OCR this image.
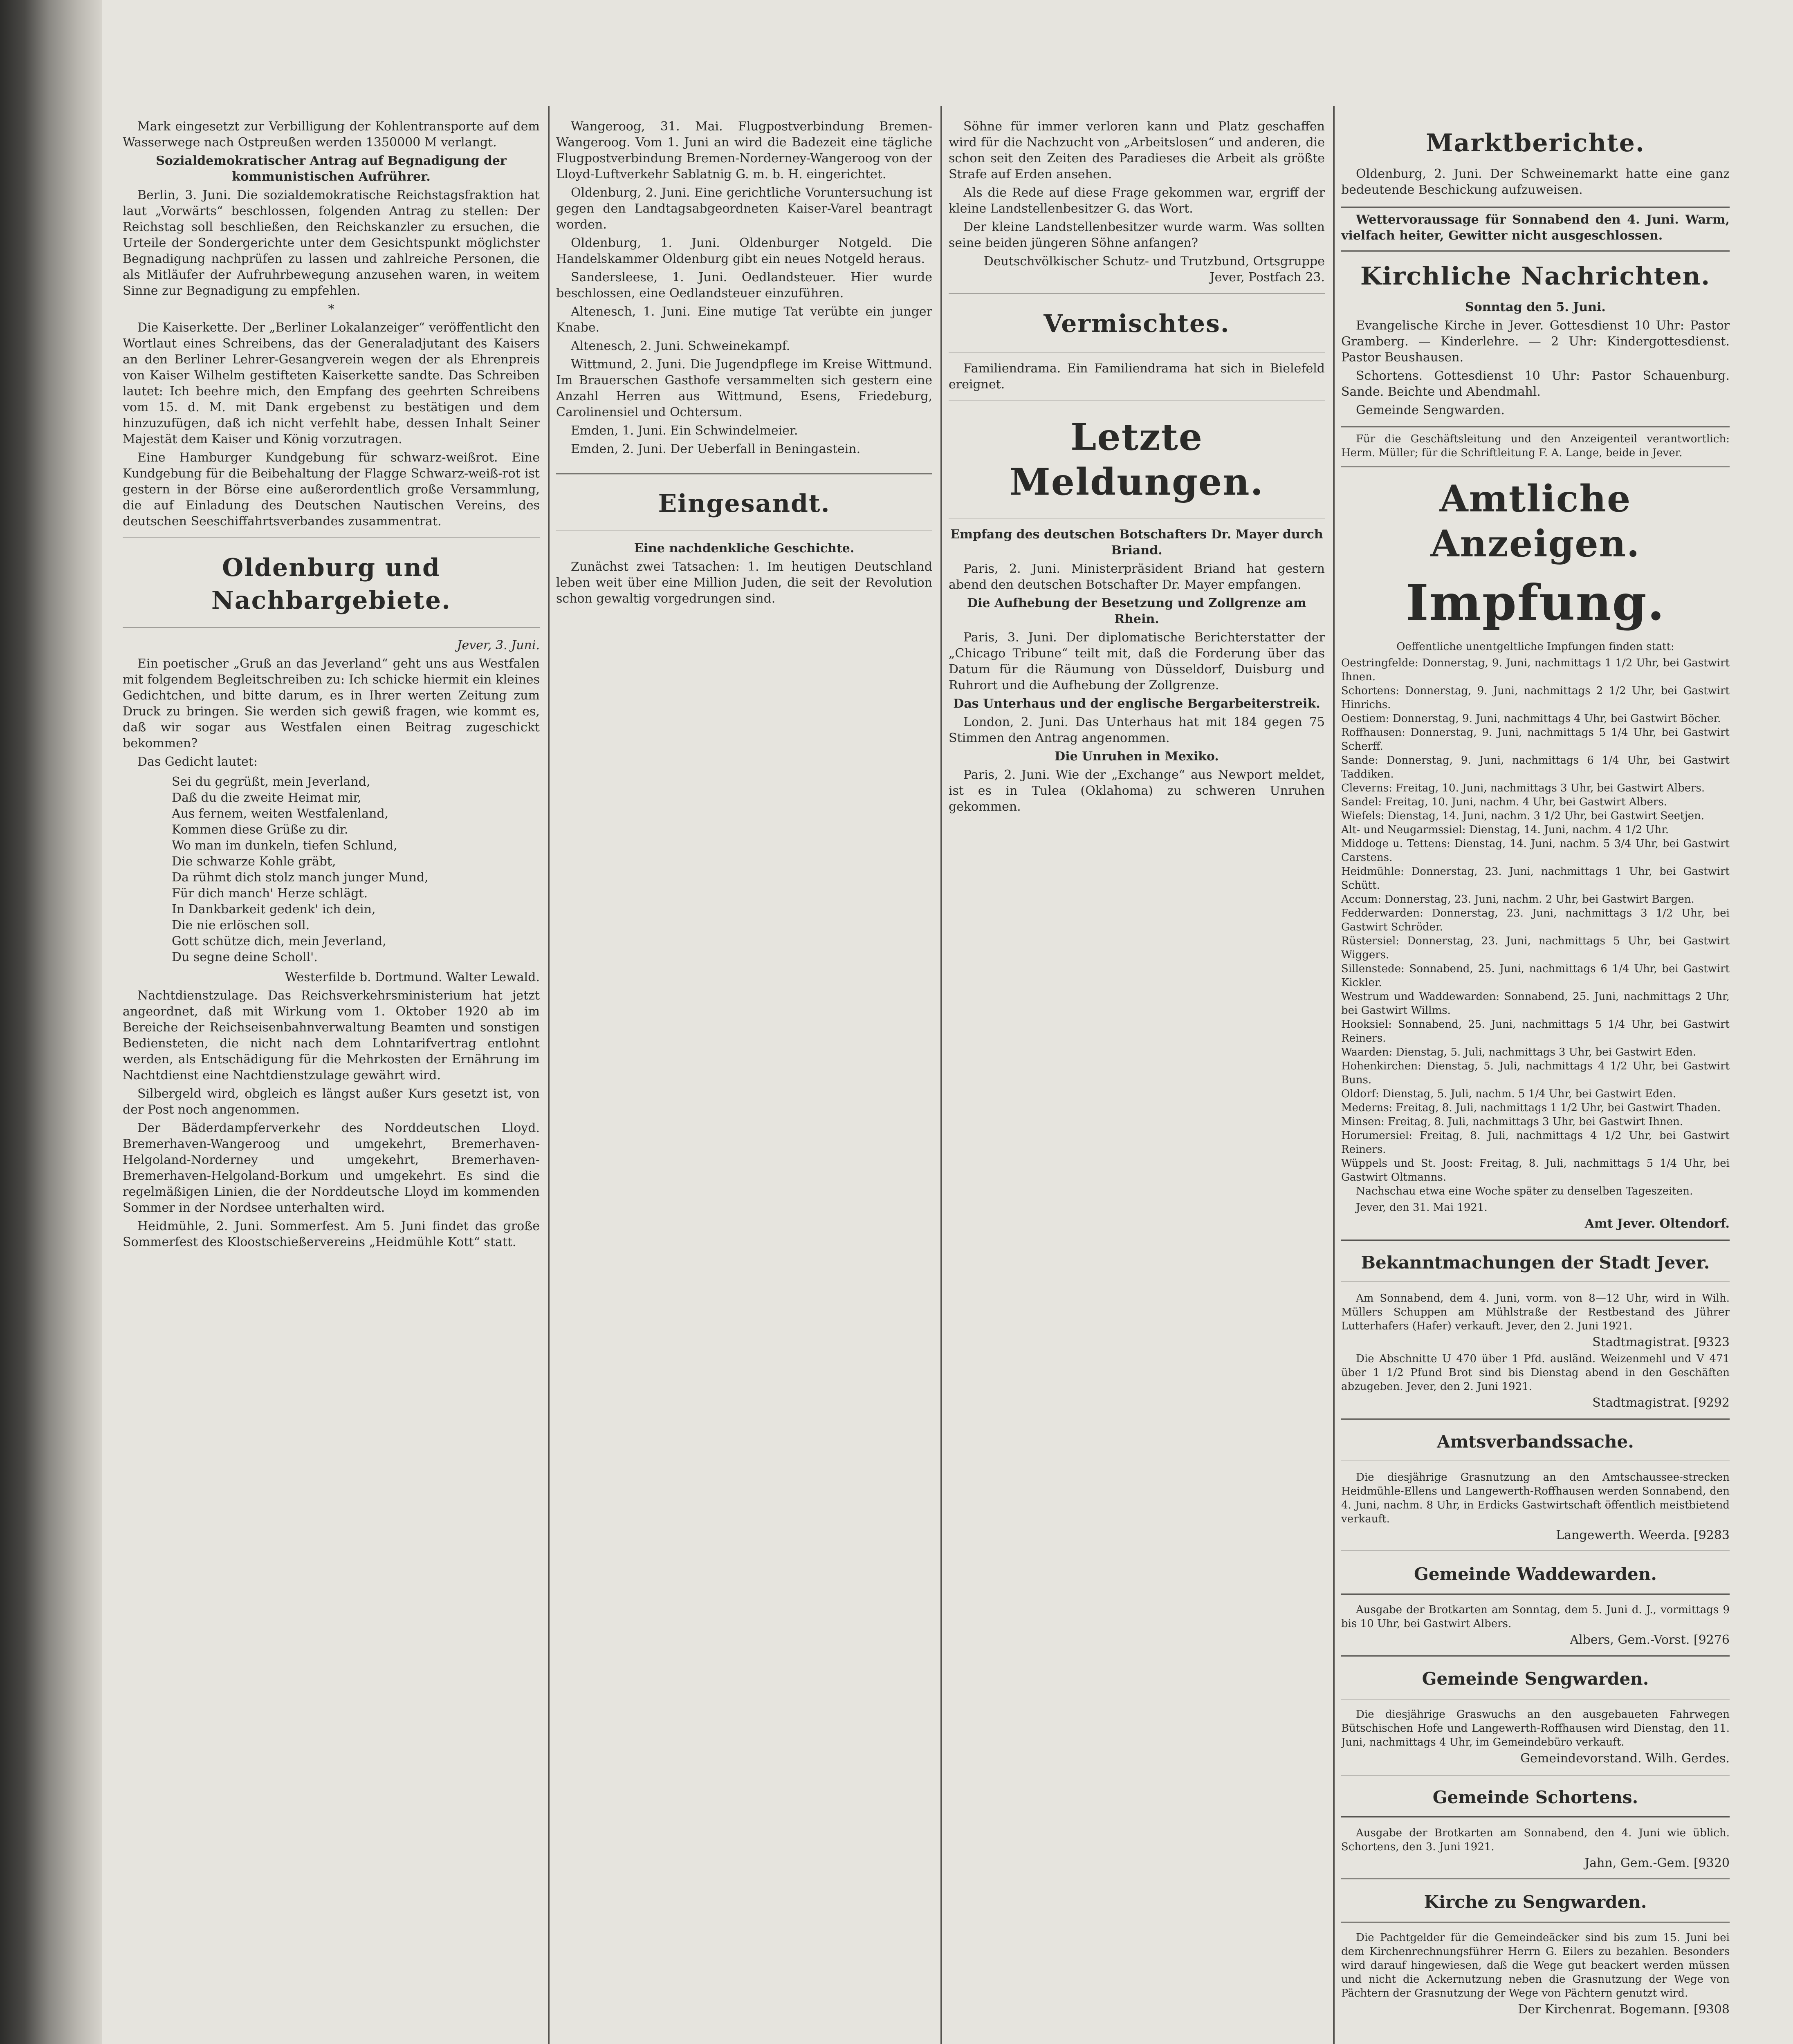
Mark eingesetzt zur Verbilligung der Kohlentransporte auf dem Wasserwege nach Ostpreußen werden 1350000 M verlangt.

Sozialdemokratischer Antrag auf Begnadigung der kommunistischen Aufrührer.

Berlin, 3. Juni. Die sozialdemokratische Reichstagsfraktion hat laut „Vorwärts“ beschlossen, folgenden Antrag zu stellen: Der Reichstag soll beschließen, den Reichskanzler zu ersuchen, die Urteile der Sondergerichte unter dem Gesichtspunkt möglichster Begnadigung nachprüfen zu lassen und zahlreiche Personen, die als Mitläufer der Aufruhrbewegung anzusehen waren, in weitem Sinne zur Begnadigung zu empfehlen.

*

Die Kaiserkette. Der „Berliner Lokalanzeiger“ veröffentlicht den Wortlaut eines Schreibens, das der Generaladjutant des Kaisers an den Berliner Lehrer-Gesangverein wegen der als Ehrenpreis von Kaiser Wilhelm gestifteten Kaiserkette sandte. Das Schreiben lautet: Ich beehre mich, den Empfang des geehrten Schreibens vom 15. d. M. mit Dank ergebenst zu bestätigen und dem hinzuzufügen, daß ich nicht verfehlt habe, dessen Inhalt Seiner Majestät dem Kaiser und König vorzutragen.

Eine Hamburger Kundgebung für schwarz-weißrot. Eine Kundgebung für die Beibehaltung der Flagge Schwarz-weiß-rot ist gestern in der Börse eine außerordentlich große Versammlung, die auf Einladung des Deutschen Nautischen Vereins, des deutschen Seeschiffahrtsverbandes zusammentrat.

Oldenburg und Nachbargebiete.

Jever, 3. Juni.

Ein poetischer „Gruß an das Jeverland“ geht uns aus Westfalen mit folgendem Begleitschreiben zu: Ich schicke hiermit ein kleines Gedichtchen, und bitte darum, es in Ihrer werten Zeitung zum Druck zu bringen. Sie werden sich gewiß fragen, wie kommt es, daß wir sogar aus Westfalen einen Beitrag zugeschickt bekommen?

Das Gedicht lautet:

Sei du gegrüßt, mein Jeverland,
Daß du die zweite Heimat mir,
Aus fernem, weiten Westfalenland,
Kommen diese Grüße zu dir.
Wo man im dunkeln, tiefen Schlund,
Die schwarze Kohle gräbt,
Da rühmt dich stolz manch junger Mund,
Für dich manch' Herze schlägt.
In Dankbarkeit gedenk' ich dein,
Die nie erlöschen soll.
Gott schütze dich, mein Jeverland,
Du segne deine Scholl'.

Westerfilde b. Dortmund. Walter Lewald.

Nachtdienstzulage. Das Reichsverkehrsministerium hat jetzt angeordnet, daß mit Wirkung vom 1. Oktober 1920 ab im Bereiche der Reichseisenbahnverwaltung Beamten und sonstigen Bediensteten, die nicht nach dem Lohntarifvertrag entlohnt werden, als Entschädigung für die Mehrkosten der Ernährung im Nachtdienst eine Nachtdienstzulage gewährt wird.

Silbergeld wird, obgleich es längst außer Kurs gesetzt ist, von der Post noch angenommen.

Der Bäderdampferverkehr des Norddeutschen Lloyd. Bremerhaven-Wangeroog und umgekehrt, Bremerhaven-Helgoland-Norderney und umgekehrt, Bremerhaven-Bremerhaven-Helgoland-Borkum und umgekehrt. Es sind die regelmäßigen Linien, die der Norddeutsche Lloyd im kommenden Sommer in der Nordsee unterhalten wird.

Heidmühle, 2. Juni. Sommerfest. Am 5. Juni findet das große Sommerfest des Kloostschießervereins „Heidmühle Kott“ statt.

Wangeroog, 31. Mai. Flugpostverbindung Bremen-Wangeroog. Vom 1. Juni an wird die Badezeit eine tägliche Flugpostverbindung Bremen-Norderney-Wangeroog von der Lloyd-Luftverkehr Sablatnig G. m. b. H. eingerichtet.

Oldenburg, 2. Juni. Eine gerichtliche Voruntersuchung ist gegen den Landtagsabgeordneten Kaiser-Varel beantragt worden.

Oldenburg, 1. Juni. Oldenburger Notgeld. Die Handelskammer Oldenburg gibt ein neues Notgeld heraus.

Sandersleese, 1. Juni. Oedlandsteuer. Hier wurde beschlossen, eine Oedlandsteuer einzuführen.

Altenesch, 1. Juni. Eine mutige Tat verübte ein junger Knabe.

Altenesch, 2. Juni. Schweinekampf.

Wittmund, 2. Juni. Die Jugendpflege im Kreise Wittmund. Im Brauerschen Gasthofe versammelten sich gestern eine Anzahl Herren aus Wittmund, Esens, Friedeburg, Carolinensiel und Ochtersum.

Emden, 1. Juni. Ein Schwindelmeier.

Emden, 2. Juni. Der Ueberfall in Beningastein.

Eingesandt.

Eine nachdenkliche Geschichte.

Zunächst zwei Tatsachen: 1. Im heutigen Deutschland leben weit über eine Million Juden, die seit der Revolution schon gewaltig vorgedrungen sind.

Söhne für immer verloren kann und Platz geschaffen wird für die Nachzucht von „Arbeitslosen“ und anderen, die schon seit den Zeiten des Paradieses die Arbeit als größte Strafe auf Erden ansehen.

Als die Rede auf diese Frage gekommen war, ergriff der kleine Landstellenbesitzer G. das Wort.

Der kleine Landstellenbesitzer wurde warm. Was sollten seine beiden jüngeren Söhne anfangen?

Deutschvölkischer Schutz- und Trutzbund, Ortsgruppe Jever, Postfach 23.

Vermischtes.

Familiendrama. Ein Familiendrama hat sich in Bielefeld ereignet.

Letzte Meldungen.

Empfang des deutschen Botschafters Dr. Mayer durch Briand.

Paris, 2. Juni. Ministerpräsident Briand hat gestern abend den deutschen Botschafter Dr. Mayer empfangen.

Die Aufhebung der Besetzung und Zollgrenze am Rhein.

Paris, 3. Juni. Der diplomatische Berichterstatter der „Chicago Tribune“ teilt mit, daß die Forderung über das Datum für die Räumung von Düsseldorf, Duisburg und Ruhrort und die Aufhebung der Zollgrenze.

Das Unterhaus und der englische Bergarbeiterstreik.

London, 2. Juni. Das Unterhaus hat mit 184 gegen 75 Stimmen den Antrag angenommen.

Die Unruhen in Mexiko.

Paris, 2. Juni. Wie der „Exchange“ aus Newport meldet, ist es in Tulea (Oklahoma) zu schweren Unruhen gekommen.

Marktberichte.

Oldenburg, 2. Juni. Der Schweinemarkt hatte eine ganz bedeutende Beschickung aufzuweisen.

Wettervoraussage für Sonnabend den 4. Juni. Warm, vielfach heiter, Gewitter nicht ausgeschlossen.

Kirchliche Nachrichten.

Sonntag den 5. Juni.

Evangelische Kirche in Jever. Gottesdienst 10 Uhr: Pastor Gramberg. — Kinderlehre. — 2 Uhr: Kindergottesdienst. Pastor Beushausen.

Schortens. Gottesdienst 10 Uhr: Pastor Schauenburg. Sande. Beichte und Abendmahl.

Gemeinde Sengwarden.

Für die Geschäftsleitung und den Anzeigenteil verantwortlich: Herm. Müller; für die Schriftleitung F. A. Lange, beide in Jever.

Amtliche Anzeigen.
Impfung.

Oeffentliche unentgeltliche Impfungen finden statt:

Oestringfelde: Donnerstag, 9. Juni, nachmittags 1 1/2 Uhr, bei Gastwirt Ihnen.
Schortens: Donnerstag, 9. Juni, nachmittags 2 1/2 Uhr, bei Gastwirt Hinrichs.
Oestiem: Donnerstag, 9. Juni, nachmittags 4 Uhr, bei Gastwirt Böcher.
Roffhausen: Donnerstag, 9. Juni, nachmittags 5 1/4 Uhr, bei Gastwirt Scherff.
Sande: Donnerstag, 9. Juni, nachmittags 6 1/4 Uhr, bei Gastwirt Taddiken.
Cleverns: Freitag, 10. Juni, nachmittags 3 Uhr, bei Gastwirt Albers.
Sandel: Freitag, 10. Juni, nachm. 4 Uhr, bei Gastwirt Albers.
Wiefels: Dienstag, 14. Juni, nachm. 3 1/2 Uhr, bei Gastwirt Seetjen.
Alt- und Neugarmssiel: Dienstag, 14. Juni, nachm. 4 1/2 Uhr.
Middoge u. Tettens: Dienstag, 14. Juni, nachm. 5 3/4 Uhr, bei Gastwirt Carstens.
Heidmühle: Donnerstag, 23. Juni, nachmittags 1 Uhr, bei Gastwirt Schütt.
Accum: Donnerstag, 23. Juni, nachm. 2 Uhr, bei Gastwirt Bargen.
Fedderwarden: Donnerstag, 23. Juni, nachmittags 3 1/2 Uhr, bei Gastwirt Schröder.
Rüstersiel: Donnerstag, 23. Juni, nachmittags 5 Uhr, bei Gastwirt Wiggers.
Sillenstede: Sonnabend, 25. Juni, nachmittags 6 1/4 Uhr, bei Gastwirt Kickler.
Westrum und Waddewarden: Sonnabend, 25. Juni, nachmittags 2 Uhr, bei Gastwirt Willms.
Hooksiel: Sonnabend, 25. Juni, nachmittags 5 1/4 Uhr, bei Gastwirt Reiners.
Waarden: Dienstag, 5. Juli, nachmittags 3 Uhr, bei Gastwirt Eden.
Hohenkirchen: Dienstag, 5. Juli, nachmittags 4 1/2 Uhr, bei Gastwirt Buns.
Oldorf: Dienstag, 5. Juli, nachm. 5 1/4 Uhr, bei Gastwirt Eden.
Mederns: Freitag, 8. Juli, nachmittags 1 1/2 Uhr, bei Gastwirt Thaden.
Minsen: Freitag, 8. Juli, nachmittags 3 Uhr, bei Gastwirt Ihnen.
Horumersiel: Freitag, 8. Juli, nachmittags 4 1/2 Uhr, bei Gastwirt Reiners.
Wüppels und St. Joost: Freitag, 8. Juli, nachmittags 5 1/4 Uhr, bei Gastwirt Oltmanns.

Nachschau etwa eine Woche später zu denselben Tageszeiten.

Jever, den 31. Mai 1921.

Amt Jever. Oltendorf.

Bekanntmachungen der Stadt Jever.

Am Sonnabend, dem 4. Juni, vorm. von 8—12 Uhr, wird in Wilh. Müllers Schuppen am Mühlstraße der Restbestand des Jührer Lutterhafers (Hafer) verkauft. Jever, den 2. Juni 1921.

Stadtmagistrat. [9323

Die Abschnitte U 470 über 1 Pfd. ausländ. Weizenmehl und V 471 über 1 1/2 Pfund Brot sind bis Dienstag abend in den Geschäften abzugeben. Jever, den 2. Juni 1921.

Stadtmagistrat. [9292

Amtsverbandssache.

Die diesjährige Grasnutzung an den Amtschaussee-strecken Heidmühle-Ellens und Langewerth-Roffhausen werden Sonnabend, den 4. Juni, nachm. 8 Uhr, in Erdicks Gastwirtschaft öffentlich meistbietend verkauft.

Langewerth. Weerda. [9283

Gemeinde Waddewarden.

Ausgabe der Brotkarten am Sonntag, dem 5. Juni d. J., vormittags 9 bis 10 Uhr, bei Gastwirt Albers.

Albers, Gem.-Vorst. [9276

Gemeinde Sengwarden.

Die diesjährige Graswuchs an den ausgebaueten Fahrwegen Bütschischen Hofe und Langewerth-Roffhausen wird Dienstag, den 11. Juni, nachmittags 4 Uhr, im Gemeindebüro verkauft.

Gemeindevorstand. Wilh. Gerdes.

Gemeinde Schortens.

Ausgabe der Brotkarten am Sonnabend, den 4. Juni wie üblich. Schortens, den 3. Juni 1921.

Jahn, Gem.-Gem. [9320

Kirche zu Sengwarden.

Die Pachtgelder für die Gemeindeäcker sind bis zum 15. Juni bei dem Kirchenrechnungsführer Herrn G. Eilers zu bezahlen. Besonders wird darauf hingewiesen, daß die Wege gut beackert werden müssen und nicht die Ackernutzung neben die Grasnutzung der Wege von Pächtern der Grasnutzung der Wege von Pächtern genutzt wird.

Der Kirchenrat. Bogemann. [9308
